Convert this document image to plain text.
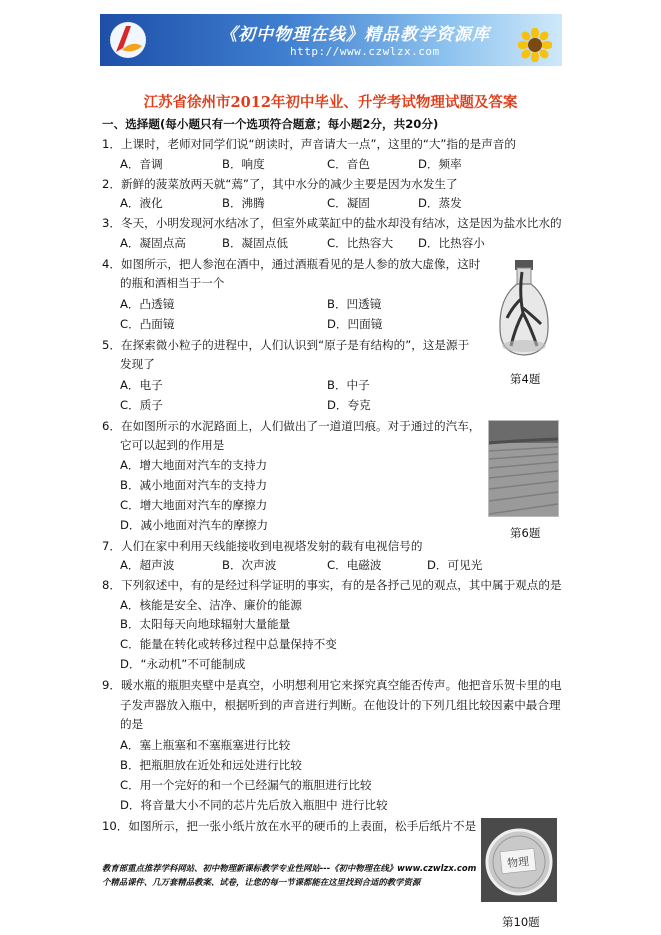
《初中物理在线》精品教学资源库
http://www.czwlzx.com
江苏省徐州市2012年初中毕业、升学考试物理试题及答案
一、选择题(每小题只有一个选项符合题意；每小题2分，共20分)
1．上课时，老师对同学们说“朗读时，声音请大一点”，这里的“大”指的是声音的
A．音调	B．响度	C．音色	D．频率
2．新鲜的菠菜放两天就“蔫”了，其中水分的减少主要是因为水发生了
A．液化	B．沸腾	C．凝固	D．蒸发
3．冬天，小明发现河水结冰了，但室外咸菜缸中的盐水却没有结冰，这是因为盐水比水的
A．凝固点高	B．凝固点低	C．比热容大 D．比热容小
4．如图所示，把人参泡在酒中，通过酒瓶看见的是人参的放大虚像，这时
的瓶和酒相当于一个
A．凸透镜	B．凹透镜
C．凸面镜	D．凹面镜
第4题
5．在探索微小粒子的进程中，人们认识到“原子是有结构的”，这是源于
发现了
A．电子	B．中子
C．质子	D．夸克
6．在如图所示的水泥路面上，人们做出了一道道凹痕。对于通过的汽车，
它可以起到的作用是
A．增大地面对汽车的支持力
B．减小地面对汽车的支持力
C．增大地面对汽车的摩擦力
D．减小地面对汽车的摩擦力
第6题
7．人们在家中利用天线能接收到电视塔发射的载有电视信号的
A．超声波	B．次声波	C．电磁波	D．可见光
8．下列叙述中，有的是经过科学证明的事实，有的是各抒己见的观点，其中属于观点的是
A．核能是安全、洁净、廉价的能源
B．太阳每天向地球辐射大量能量
C．能量在转化或转移过程中总量保持不变
D．“永动机”不可能制成
9．暖水瓶的瓶胆夹壁中是真空，小明想利用它来探究真空能否传声。他把音乐贺卡里的电
子发声器放入瓶中，根据听到的声音进行判断。在他设计的下列几组比较因素中最合理
的是
A．塞上瓶塞和不塞瓶塞进行比较
B．把瓶胆放在近处和远处进行比较
C．用一个完好的和一个已经漏气的瓶胆进行比较
D．将音量大小不同的芯片先后放入瓶胆中 进行比较
10．如图所示，把一张小纸片放在水平的硬币的上表面，松手后纸片不是
物理
教育部重点推荐学科网站、初中物理新课标教学专业性网站---《初中物理在线》www.czwlzx.com
个精品课件、几万套精品教案、试卷，让您的每一节课都能在这里找到合适的教学资源
第10题
